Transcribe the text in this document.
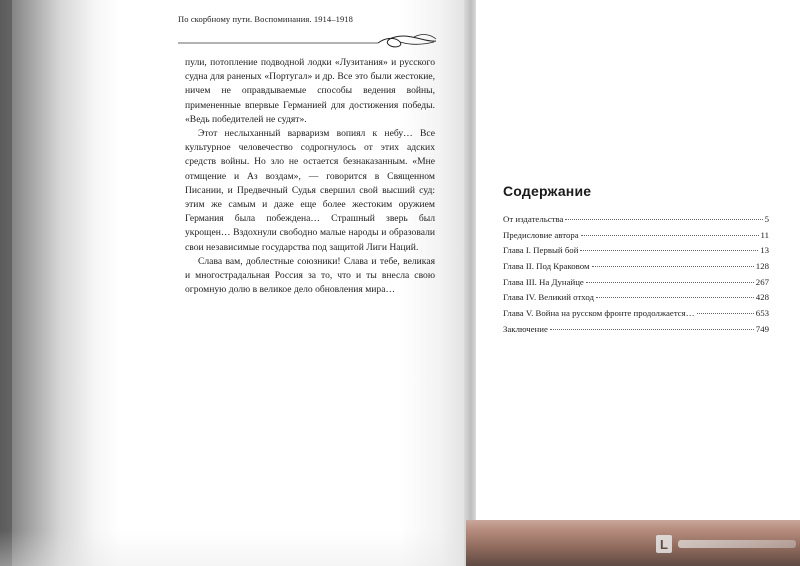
По скорбному пути. Воспоминания. 1914–1918

пули, потопление подводной лодки «Лузитания» и русского судна для раненых «Португал» и др. Все это были жестокие, ничем не оправдываемые способы ведения войны, примененные впервые Германией для достижения победы. «Ведь победителей не судят».

Этот неслыханный варваризм вопиял к небу… Все культурное человечество содрогнулось от этих адских средств войны. Но зло не остается безнаказанным. «Мне отмщение и Аз воздам», — говорится в Священном Писании, и Предвечный Судья свершил свой высший суд: этим же самым и даже еще более жестоким оружием Германия была побеждена… Страшный зверь был укрощен… Вздохнули свободно малые народы и образовали свои независимые государства под защитой Лиги Наций.

Слава вам, доблестные союзники! Слава и тебе, великая и многострадальная Россия за то, что и ты внесла свою огромную долю в великое дело обновления мира…

Содержание
От издательства	5
Предисловие автора	11
Глава I. Первый бой	13
Глава II. Под Краковом	128
Глава III. На Дунайце	267
Глава IV. Великий отход	428
Глава V. Война на русском фронте продолжается…	653
Заключение	749
L
